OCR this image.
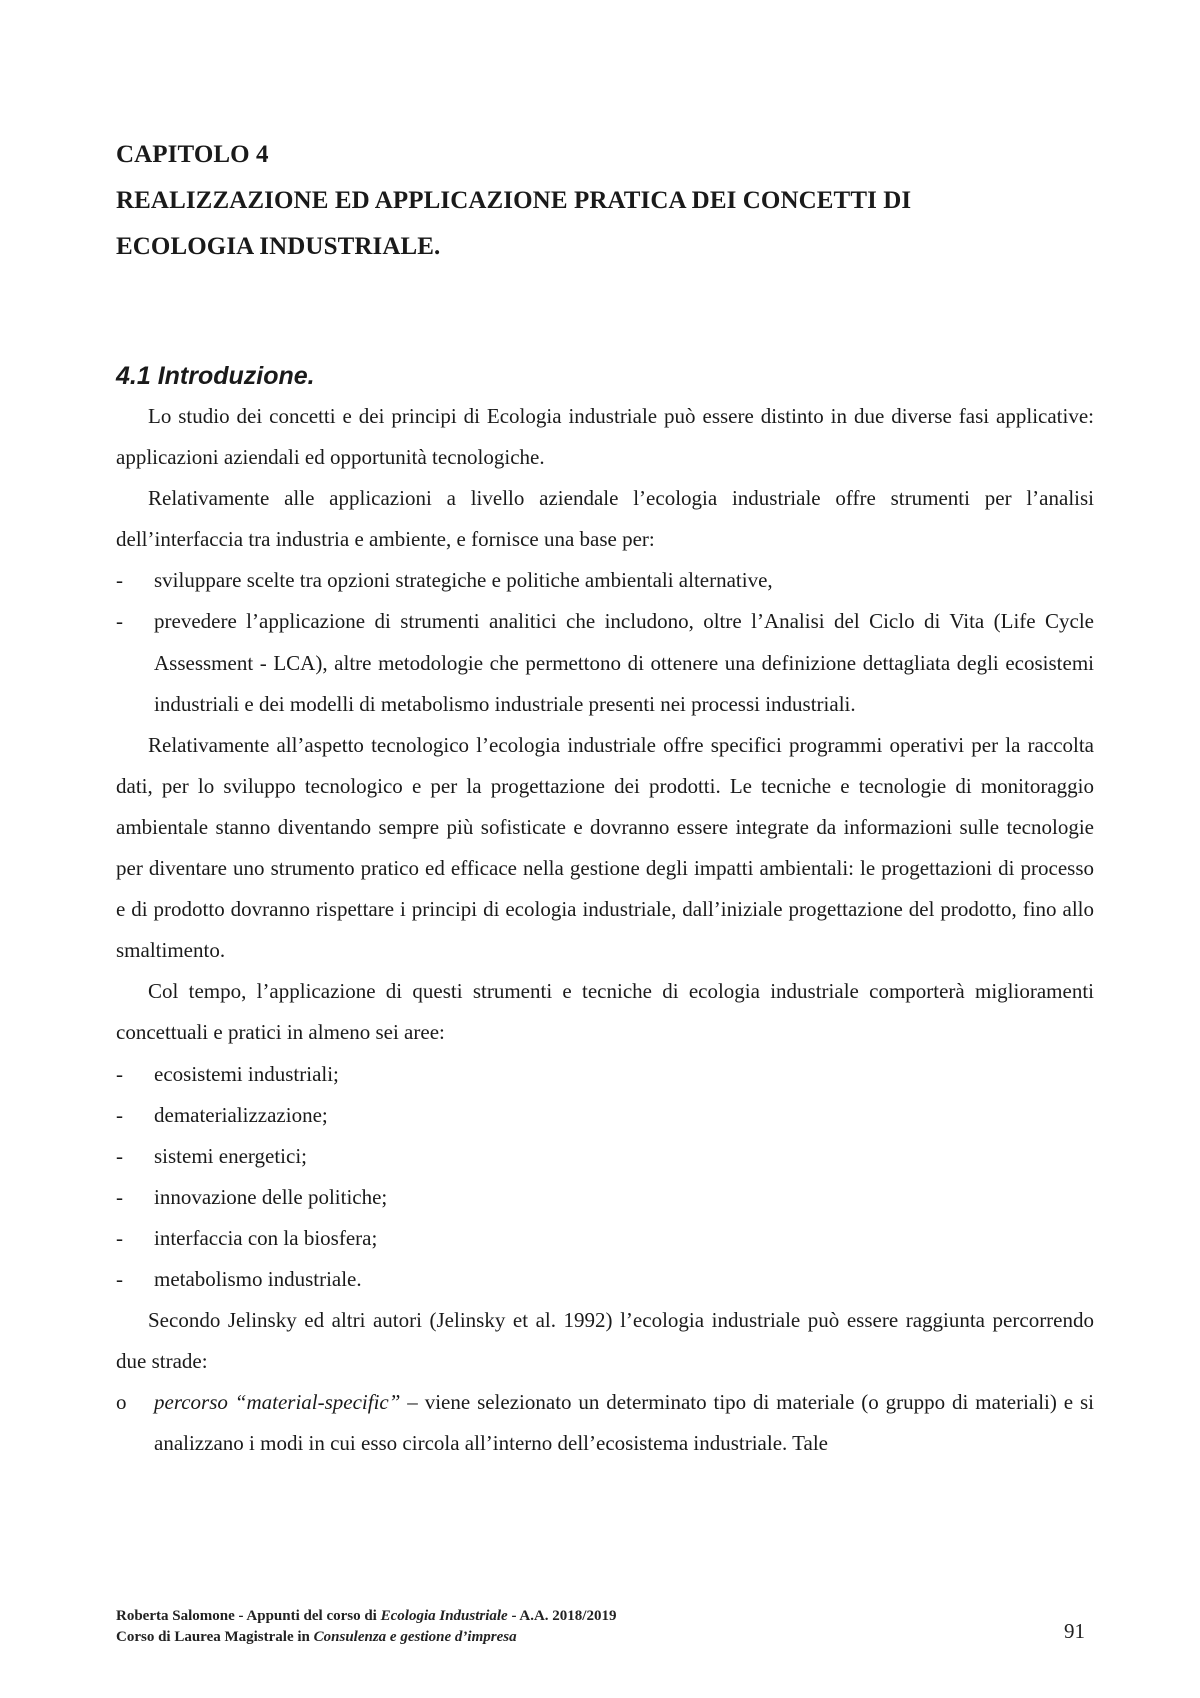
CAPITOLO 4
REALIZZAZIONE ED APPLICAZIONE PRATICA DEI CONCETTI DI
ECOLOGIA INDUSTRIALE.
4.1 Introduzione.

Lo studio dei concetti e dei principi di Ecologia industriale può essere distinto in due diverse fasi applicative: applicazioni aziendali ed opportunità tecnologiche.

Relativamente alle applicazioni a livello aziendale l’ecologia industriale offre strumenti per l’analisi dell’interfaccia tra industria e ambiente, e fornisce una base per:

-	sviluppare scelte tra opzioni strategiche e politiche ambientali alternative,
-	prevedere l’applicazione di strumenti analitici che includono, oltre l’Analisi del Ciclo di Vita (Life Cycle Assessment - LCA), altre metodologie che permettono di ottenere una definizione dettagliata degli ecosistemi industriali e dei modelli di metabolismo industriale presenti nei processi industriali.

Relativamente all’aspetto tecnologico l’ecologia industriale offre specifici programmi operativi per la raccolta dati, per lo sviluppo tecnologico e per la progettazione dei prodotti. Le tecniche e tecnologie di monitoraggio ambientale stanno diventando sempre più sofisticate e dovranno essere integrate da informazioni sulle tecnologie per diventare uno strumento pratico ed efficace nella gestione degli impatti ambientali: le progettazioni di processo e di prodotto dovranno rispettare i principi di ecologia industriale, dall’iniziale progettazione del prodotto, fino allo smaltimento.

Col tempo, l’applicazione di questi strumenti e tecniche di ecologia industriale comporterà miglioramenti concettuali e pratici in almeno sei aree:

-	ecosistemi industriali;
-	dematerializzazione;
-	sistemi energetici;
-	innovazione delle politiche;
-	interfaccia con la biosfera;
-	metabolismo industriale.

Secondo Jelinsky ed altri autori (Jelinsky et al. 1992) l’ecologia industriale può essere raggiunta percorrendo due strade:

o	percorso “material-specific” – viene selezionato un determinato tipo di materiale (o gruppo di materiali) e si analizzano i modi in cui esso circola all’interno dell’ecosistema industriale. Tale
Roberta Salomone - Appunti del corso di Ecologia Industriale - A.A. 2018/2019
Corso di Laurea Magistrale in Consulenza e gestione d’impresa	91
